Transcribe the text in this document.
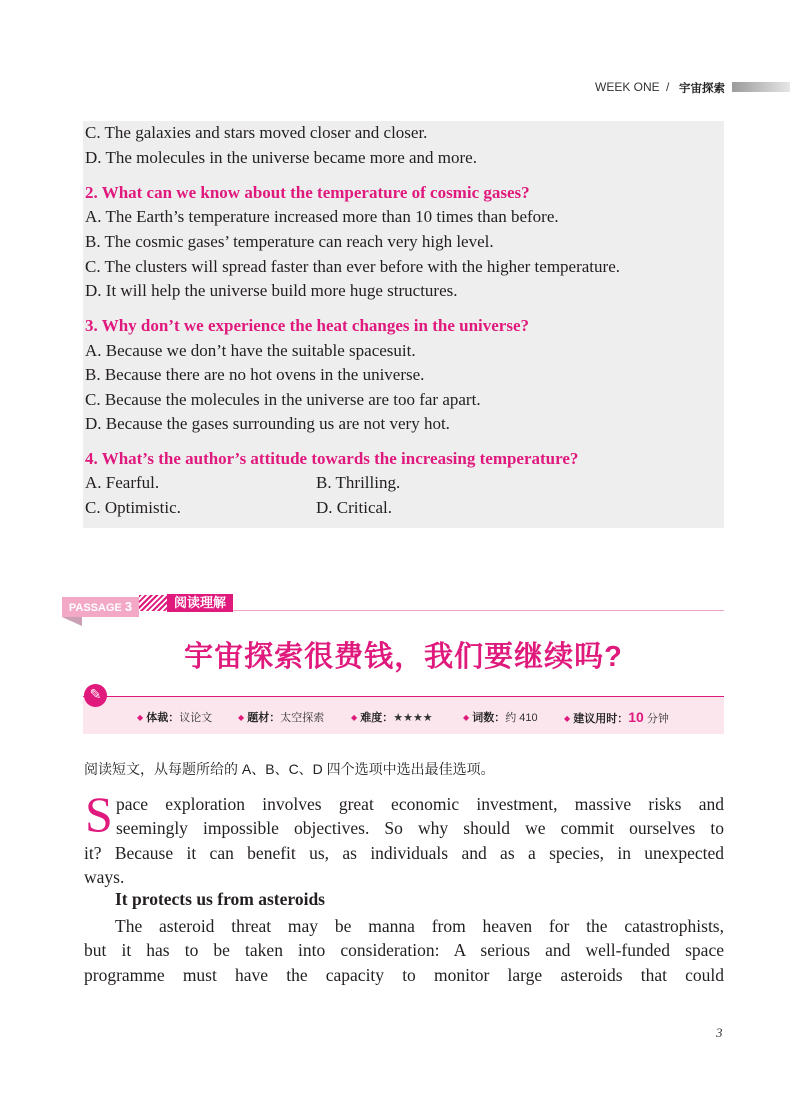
WEEK ONE / 宇宙探索
C. The galaxies and stars moved closer and closer.
D. The molecules in the universe became more and more.
2. What can we know about the temperature of cosmic gases?
A. The Earth’s temperature increased more than 10 times than before.
B. The cosmic gases’ temperature can reach very high level.
C. The clusters will spread faster than ever before with the higher temperature.
D. It will help the universe build more huge structures.
3. Why don’t we experience the heat changes in the universe?
A. Because we don’t have the suitable spacesuit.
B. Because there are no hot ovens in the universe.
C. Because the molecules in the universe are too far apart.
D. Because the gases surrounding us are not very hot.
4. What’s the author’s attitude towards the increasing temperature?
A. Fearful.	B. Thrilling.
C. Optimistic.	D. Critical.
PASSAGE 3	阅读理解
宇宙探索很费钱，我们要继续吗?
✎
◆ 体裁：议论文	◆ 题材：太空探索	◆ 难度：★★★★	◆ 词数：约 410	◆ 建议用时：10 分钟
阅读短文，从每题所给的 A、B、C、D 四个选项中选出最佳选项。
S pace exploration involves great economic investment, massive risks and
seemingly impossible objectives. So why should we commit ourselves to
it? Because it can benefit us, as individuals and as a species, in unexpected
ways.
It protects us from asteroids
The asteroid threat may be manna from heaven for the catastrophists,
but it has to be taken into consideration: A serious and well-funded space
programme must have the capacity to monitor large asteroids that could
3
